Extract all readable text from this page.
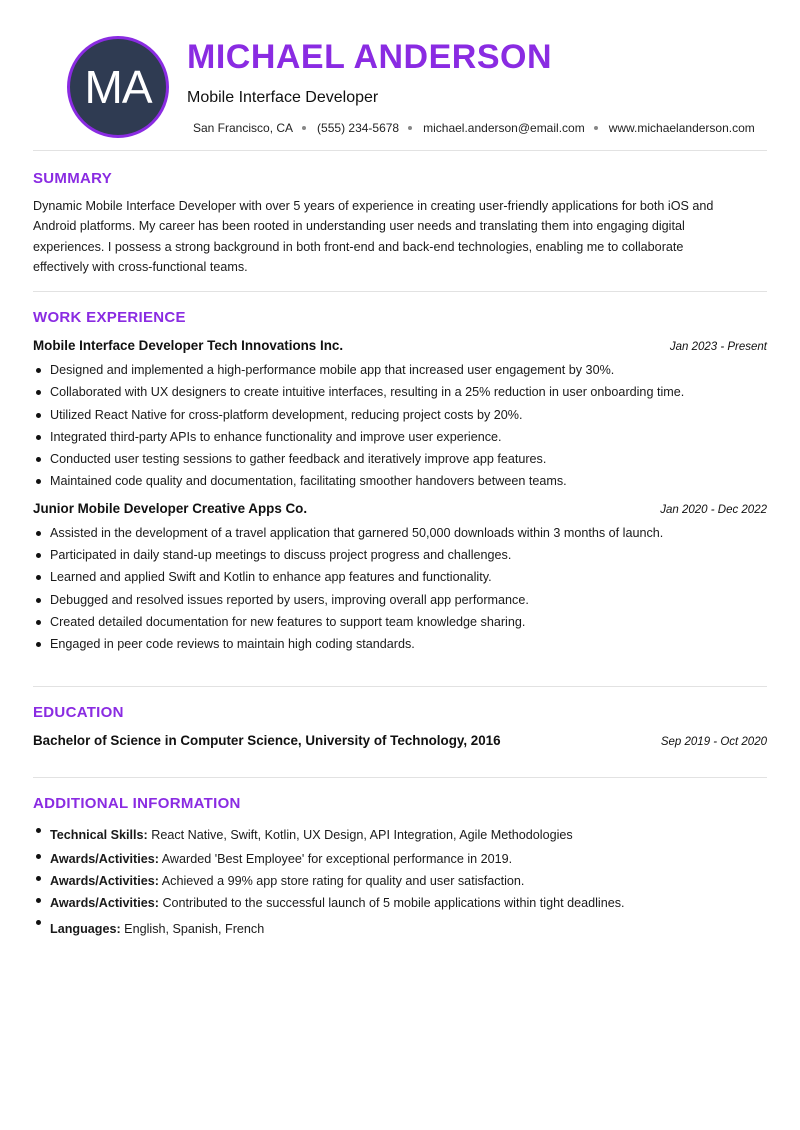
MA
MICHAEL ANDERSON
Mobile Interface Developer
San Francisco, CA (555) 234-5678 michael.anderson@email.com www.michaelanderson.com
SUMMARY
Dynamic Mobile Interface Developer with over 5 years of experience in creating user-friendly applications for both iOS and
Android platforms. My career has been rooted in understanding user needs and translating them into engaging digital
experiences. I possess a strong background in both front-end and back-end technologies, enabling me to collaborate
effectively with cross-functional teams.
WORK EXPERIENCE
Mobile Interface Developer Tech Innovations Inc.	Jan 2023 - Present
Designed and implemented a high-performance mobile app that increased user engagement by 30%.
Collaborated with UX designers to create intuitive interfaces, resulting in a 25% reduction in user onboarding time.
Utilized React Native for cross-platform development, reducing project costs by 20%.
Integrated third-party APIs to enhance functionality and improve user experience.
Conducted user testing sessions to gather feedback and iteratively improve app features.
Maintained code quality and documentation, facilitating smoother handovers between teams.
Junior Mobile Developer Creative Apps Co.	Jan 2020 - Dec 2022
Assisted in the development of a travel application that garnered 50,000 downloads within 3 months of launch.
Participated in daily stand-up meetings to discuss project progress and challenges.
Learned and applied Swift and Kotlin to enhance app features and functionality.
Debugged and resolved issues reported by users, improving overall app performance.
Created detailed documentation for new features to support team knowledge sharing.
Engaged in peer code reviews to maintain high coding standards.
EDUCATION
Bachelor of Science in Computer Science, University of Technology, 2016	Sep 2019 - Oct 2020
ADDITIONAL INFORMATION
Technical Skills: React Native, Swift, Kotlin, UX Design, API Integration, Agile Methodologies
Awards/Activities: Awarded 'Best Employee' for exceptional performance in 2019.
Awards/Activities: Achieved a 99% app store rating for quality and user satisfaction.
Awards/Activities: Contributed to the successful launch of 5 mobile applications within tight deadlines.
Languages: English, Spanish, French
